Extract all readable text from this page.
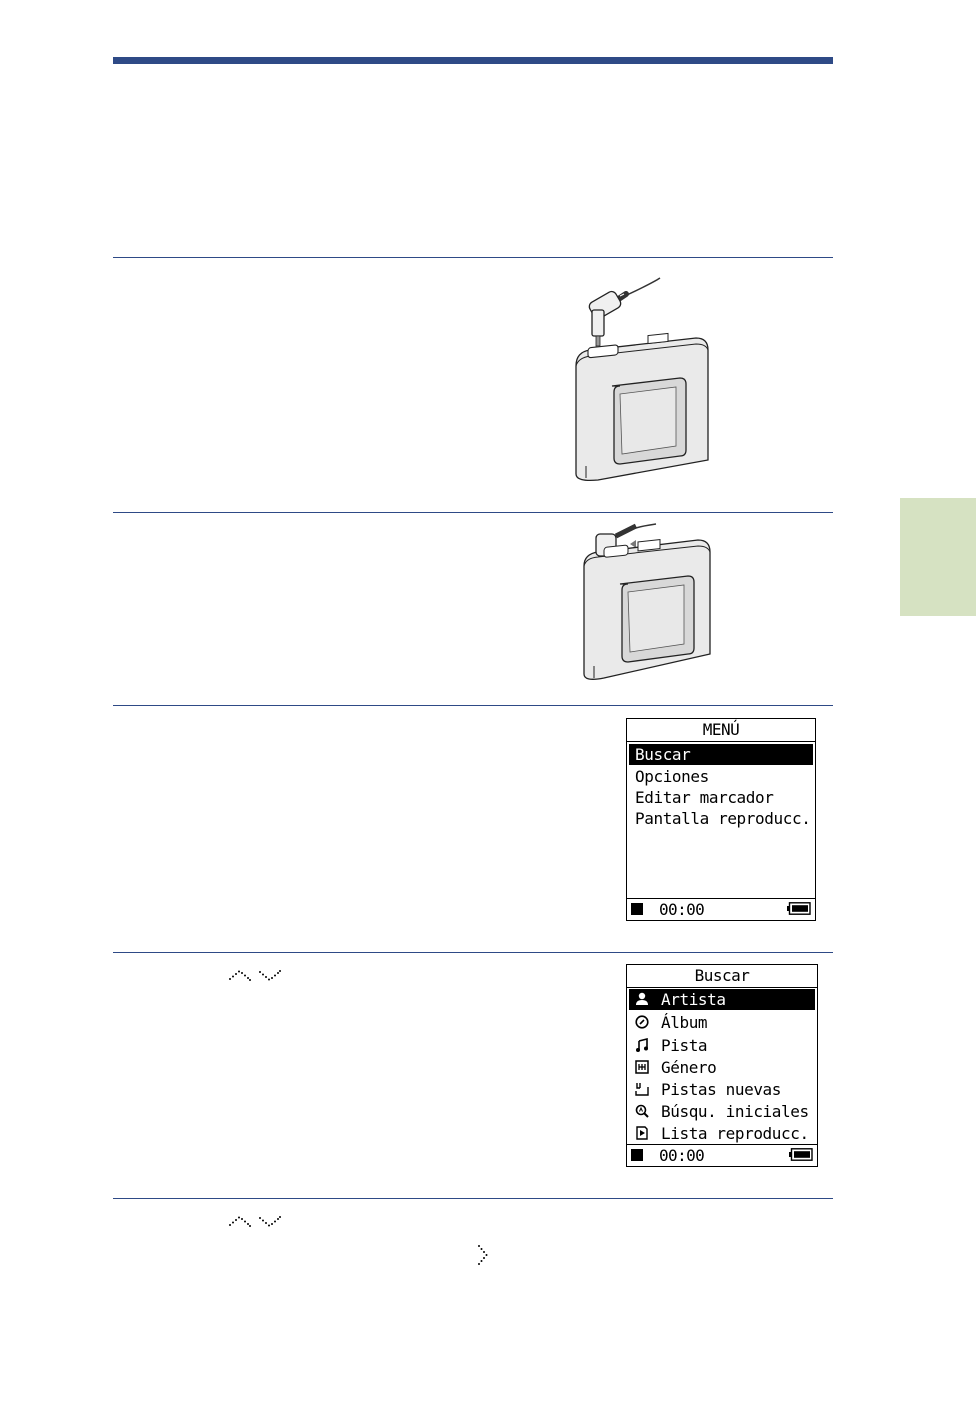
MENÚ
Buscar
Opciones
Editar marcador
Pantalla reproducc.
00:00
Buscar
Artista
Álbum
Pista
Género
Pistas nuevas
Búsqu. iniciales
Lista reproducc.
00:00
